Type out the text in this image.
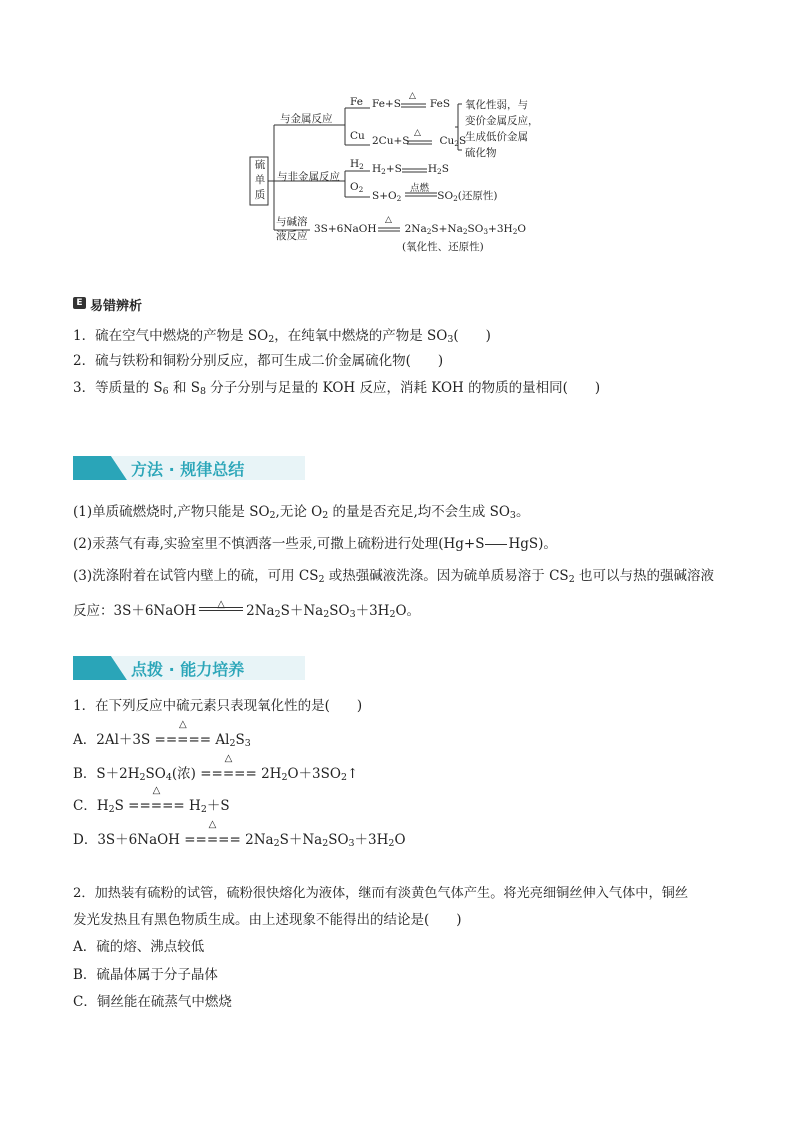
硫
单
质
与金属反应
Fe Fe+S	FeS
△
Cu 2Cu+S	$Cu_2S$
△
氧化性弱，与
变价金属反应，
生成低价金属
硫化物
与非金属反应
$H_2$ $H_2+S$ $H_2S$
$O_2$
$S+O_2$	$SO_2$(还原性)
点燃
与碱溶
液反应
3S+6NaOH	$2Na_2S+Na_2SO_3+3H_2O$
△
(氧化性、还原性)
E 易错辨析
1．硫在空气中燃烧的产物是 $SO_2$，在纯氧中燃烧的产物是 $SO_3$(　　)
2．硫与铁粉和铜粉分别反应，都可生成二价金属硫化物(　　)
3．等质量的 $S_6$ 和 $S_8$ 分子分别与足量的 KOH 反应，消耗 KOH 的物质的量相同(　　)
方法 · 规律总结
(1)单质硫燃烧时,产物只能是 $SO_2$,无论 $O_2$ 的量是否充足,均不会生成 $SO_3$。
(2)汞蒸气有毒,实验室里不慎洒落一些汞,可撒上硫粉进行处理(Hg+S HgS)。
(3)洗涤附着在试管内壁上的硫，可用 $CS_2$ 或热强碱液洗涤。因为硫单质易溶于 $CS_2$ 也可以与热的强碱溶液
反应：3S＋6NaOH	△	$2Na_2S+Na_2SO_3+3H_2O$。
点拨 · 能力培养
1．在下列反应中硫元素只表现氧化性的是(　　)
A．2Al＋3S
△
===== $Al_2S_3$
B．$S+2H_2SO_4$(浓)
△
===== $2H_2O+3SO_2↑$
C．$H_2S$
△
===== $H_2+S$
D．3S＋6NaOH
△
===== $2Na_2S+Na_2SO_3+3H_2O$
2．加热装有硫粉的试管，硫粉很快熔化为液体，继而有淡黄色气体产生。将光亮细铜丝伸入气体中，铜丝
发光发热且有黑色物质生成。由上述现象不能得出的结论是(　　)
A．硫的熔、沸点较低
B．硫晶体属于分子晶体
C．铜丝能在硫蒸气中燃烧
